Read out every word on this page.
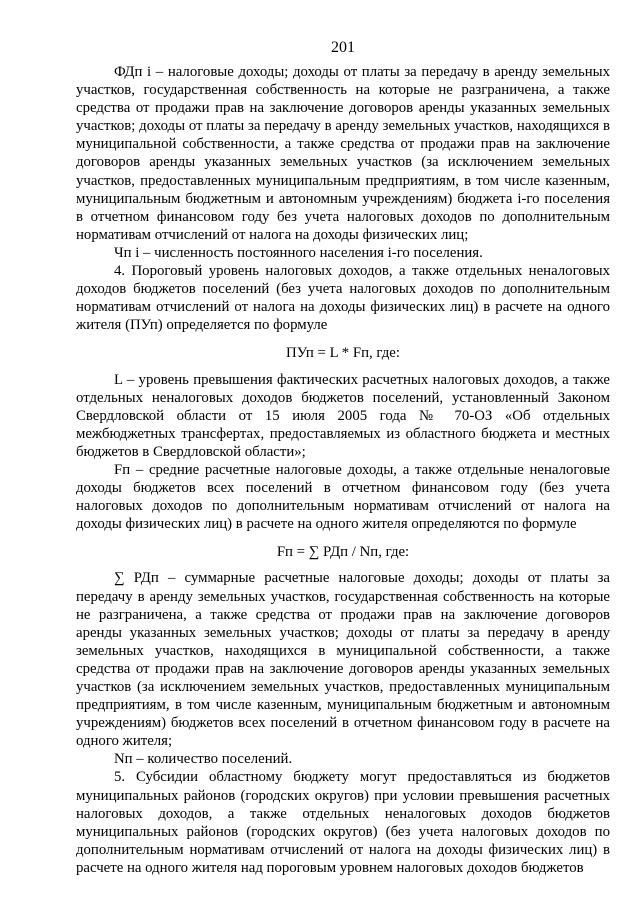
201

ФДп i – налоговые доходы; доходы от платы за передачу в аренду земельных участков, государственная собственность на которые не разграничена, а также средства от продажи прав на заключение договоров аренды указанных земельных участков; доходы от платы за передачу в аренду земельных участков, находящихся в муниципальной собственности, а также средства от продажи прав на заключение договоров аренды указанных земельных участков (за исключением земельных участков, предоставленных муниципальным предприятиям, в том числе казенным, муниципальным бюджетным и автономным учреждениям) бюджета i-го поселения в отчетном финансовом году без учета налоговых доходов по дополнительным нормативам отчислений от налога на доходы физических лиц;

Чп i – численность постоянного населения i-го поселения.

4. Пороговый уровень налоговых доходов, а также отдельных неналоговых доходов бюджетов поселений (без учета налоговых доходов по дополнительным нормативам отчислений от налога на доходы физических лиц) в расчете на одного жителя (ПУп) определяется по формуле

ПУп = L * Fп, где:

L – уровень превышения фактических расчетных налоговых доходов, а также отдельных неналоговых доходов бюджетов поселений, установленный Законом Свердловской области от 15 июля 2005 года № 70-ОЗ «Об отдельных межбюджетных трансфертах, предоставляемых из областного бюджета и местных бюджетов в Свердловской области»;

Fп – средние расчетные налоговые доходы, а также отдельные неналоговые доходы бюджетов всех поселений в отчетном финансовом году (без учета налоговых доходов по дополнительным нормативам отчислений от налога на доходы физических лиц) в расчете на одного жителя определяются по формуле

Fп = ∑ РДп / Nп, где:

∑ РДп – суммарные расчетные налоговые доходы; доходы от платы за передачу в аренду земельных участков, государственная собственность на которые не разграничена, а также средства от продажи прав на заключение договоров аренды указанных земельных участков; доходы от платы за передачу в аренду земельных участков, находящихся в муниципальной собственности, а также средства от продажи прав на заключение договоров аренды указанных земельных участков (за исключением земельных участков, предоставленных муниципальным предприятиям, в том числе казенным, муниципальным бюджетным и автономным учреждениям) бюджетов всех поселений в отчетном финансовом году в расчете на одного жителя;

Nп – количество поселений.

5. Субсидии областному бюджету могут предоставляться из бюджетов муниципальных районов (городских округов) при условии превышения расчетных налоговых доходов, а также отдельных неналоговых доходов бюджетов муниципальных районов (городских округов) (без учета налоговых доходов по дополнительным нормативам отчислений от налога на доходы физических лиц) в расчете на одного жителя над пороговым уровнем налоговых доходов бюджетов
